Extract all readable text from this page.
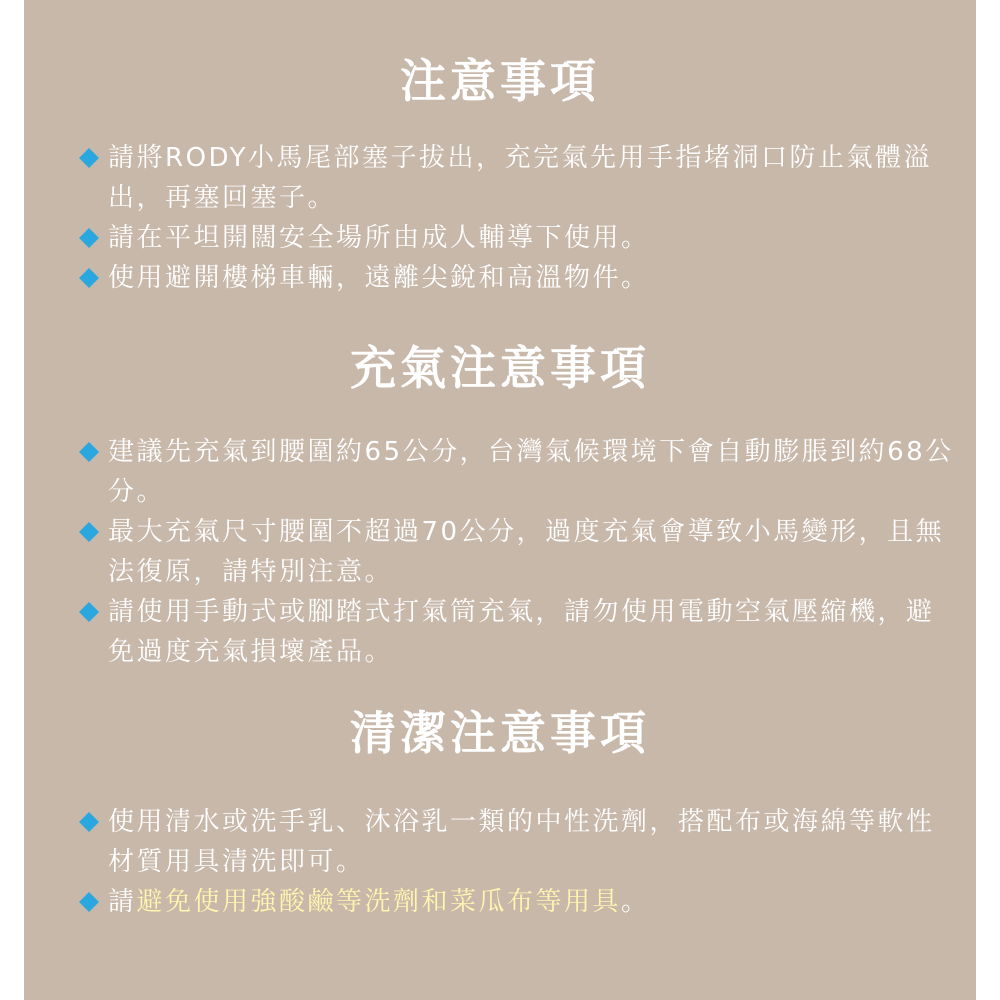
注意事項
請將RODY小馬尾部塞子拔出，充完氣先用手指堵洞口防止氣體溢出，再塞回塞子。
請在平坦開闊安全場所由成人輔導下使用。
使用避開樓梯車輛，遠離尖銳和高溫物件。
充氣注意事項
建議先充氣到腰圍約65公分，台灣氣候環境下會自動膨脹到約68公分。
最大充氣尺寸腰圍不超過70公分，過度充氣會導致小馬變形，且無法復原，請特別注意。
請使用手動式或腳踏式打氣筒充氣，請勿使用電動空氣壓縮機，避免過度充氣損壞產品。
清潔注意事項
使用清水或洗手乳、沐浴乳一類的中性洗劑，搭配布或海綿等軟性材質用具清洗即可。
請避免使用強酸鹼等洗劑和菜瓜布等用具。
